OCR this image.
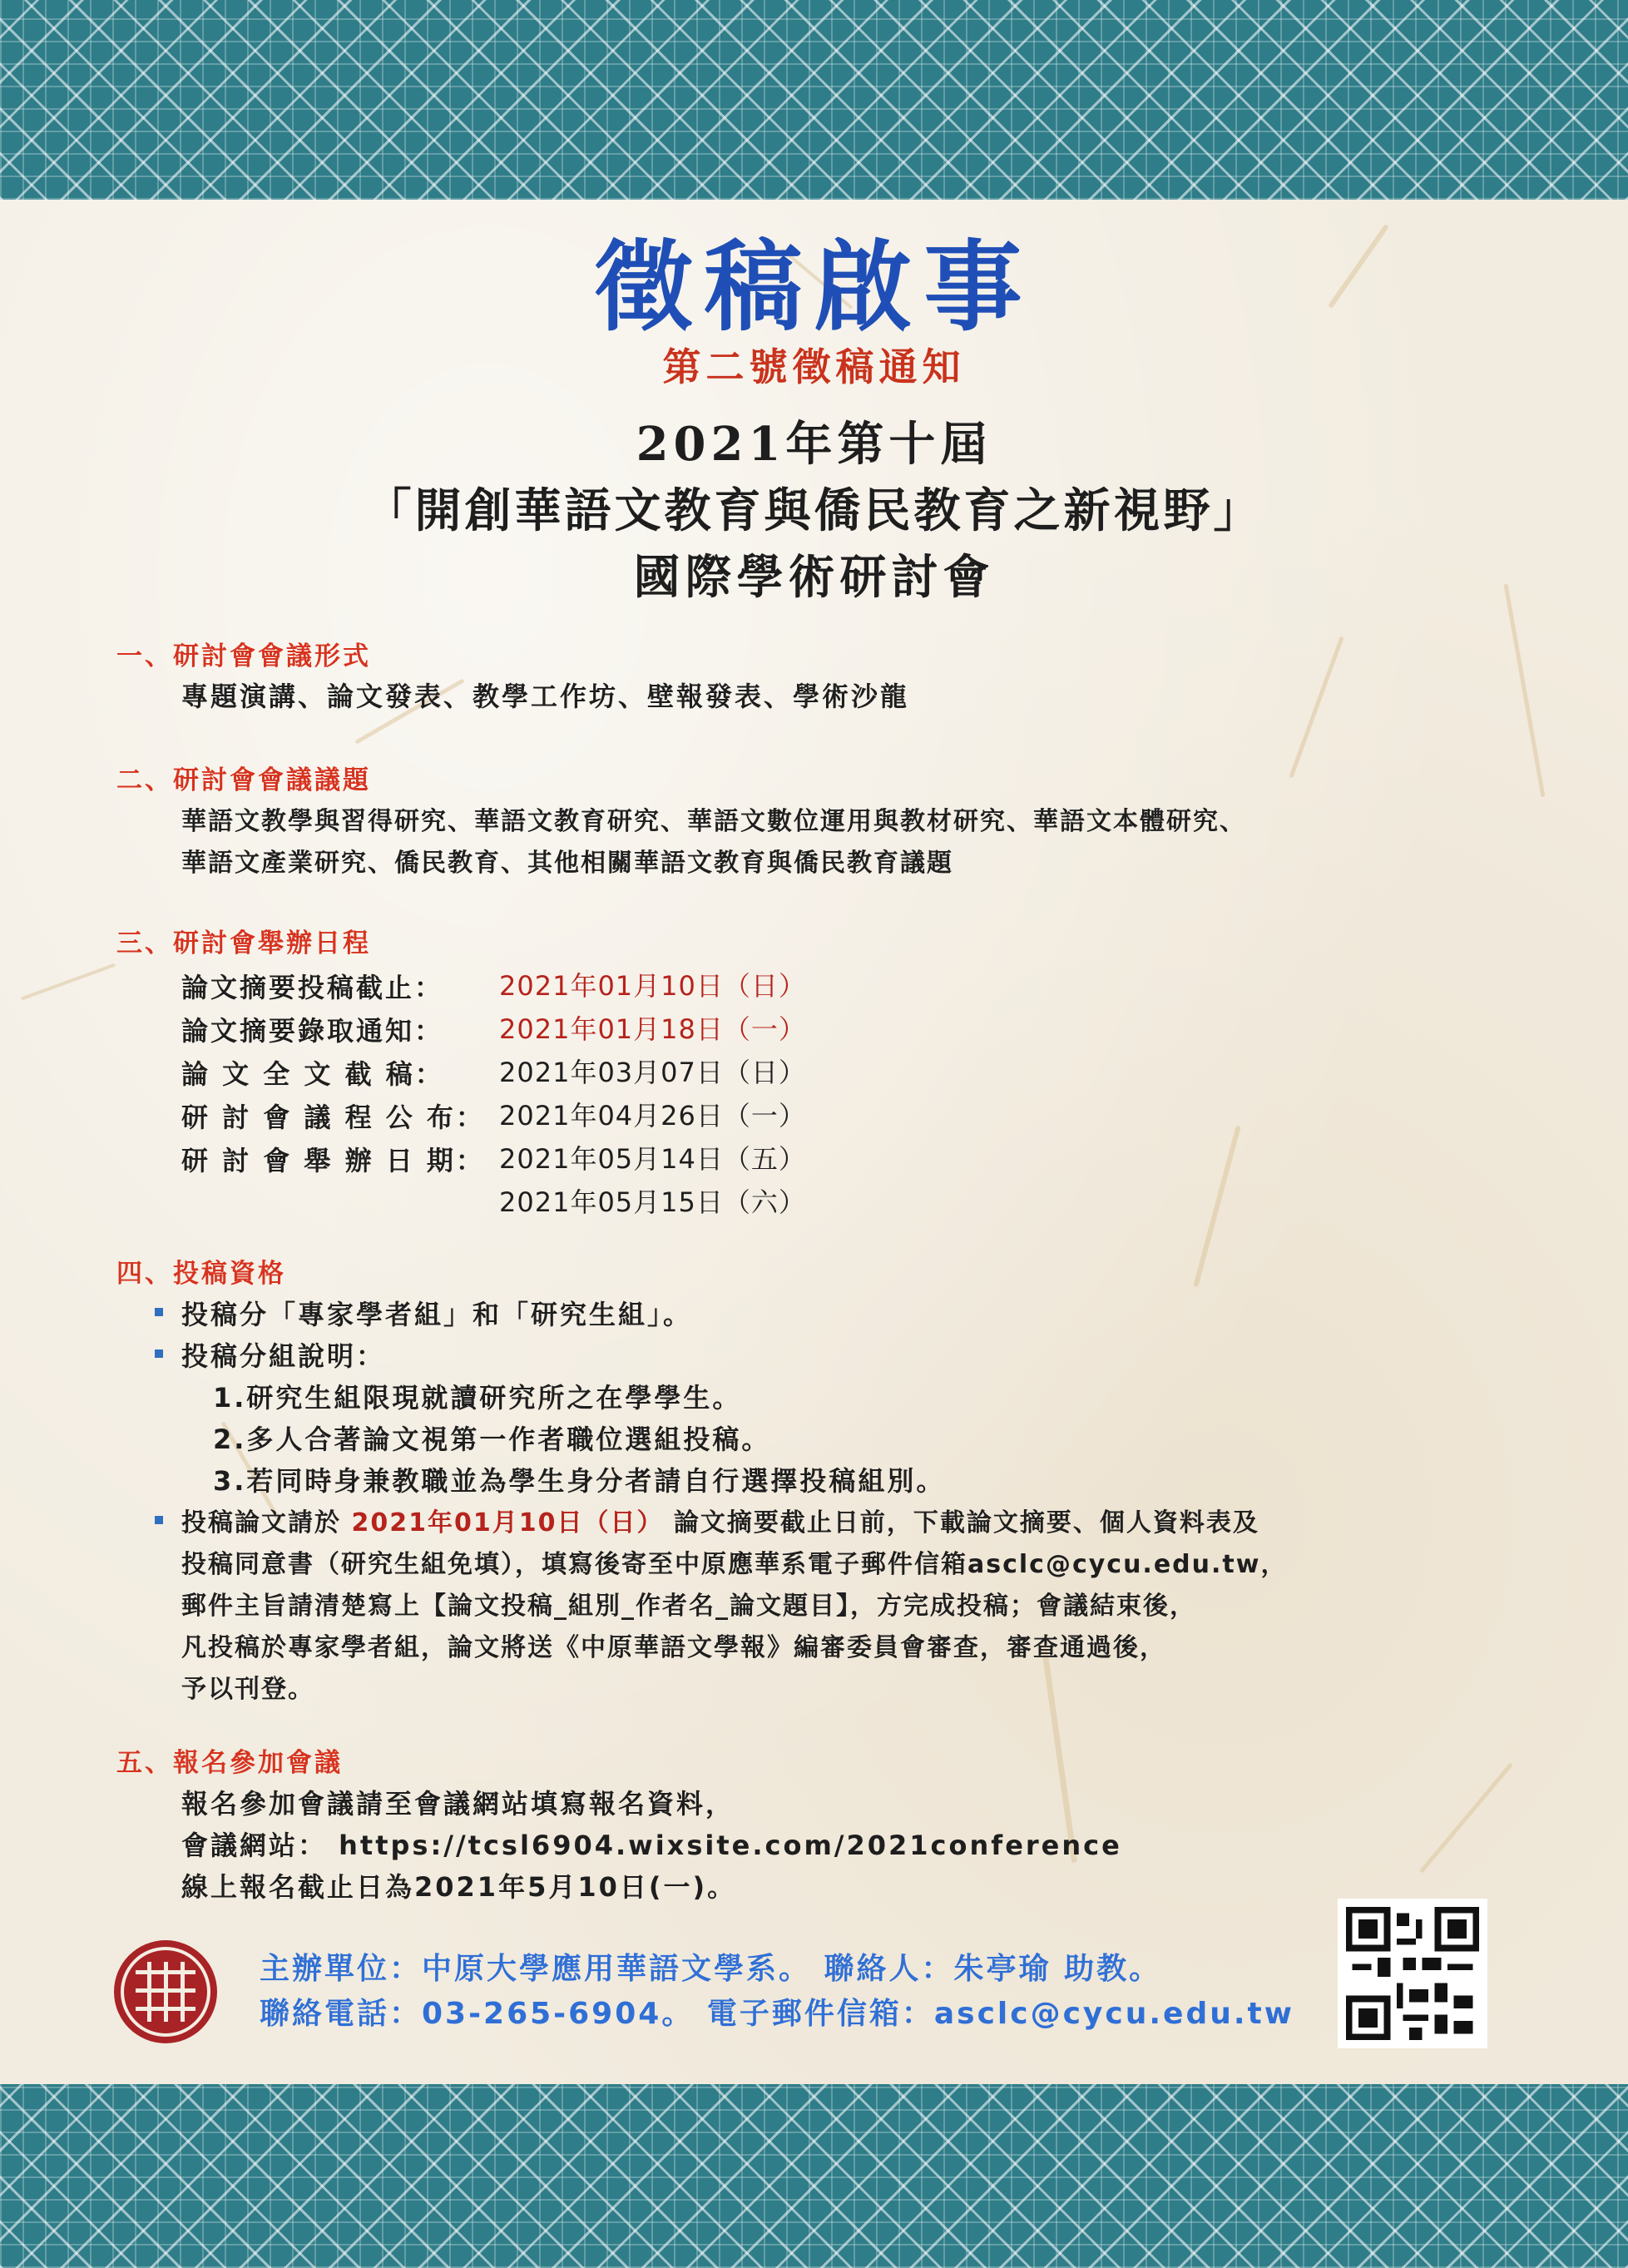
徵稿啟事
第二號徵稿通知
2021年第十屆
「開創華語文教育與僑民教育之新視野」
國際學術研討會
一、研討會會議形式
專題演講、論文發表、教學工作坊、壁報發表、學術沙龍
二、研討會會議議題
華語文教學與習得研究、華語文教育研究、華語文數位運用與教材研究、華語文本體研究、
華語文產業研究、僑民教育、其他相關華語文教育與僑民教育議題
三、研討會舉辦日程
論文摘要投稿截止： 2021年01月10日（日）
論文摘要錄取通知： 2021年01月18日（一）
論 文 全 文 截 稿： 2021年03月07日（日）
研 討 會 議 程 公 布： 2021年04月26日（一）
研 討 會 舉 辦 日 期： 2021年05月14日（五）
2021年05月15日（六）
四、投稿資格
投稿分「專家學者組」和「研究生組」。
投稿分組說明：
1.研究生組限現就讀研究所之在學學生。
2.多人合著論文視第一作者職位選組投稿。
3.若同時身兼教職並為學生身分者請自行選擇投稿組別。
投稿論文請於 2021年01月10日（日） 論文摘要截止日前，下載論文摘要、個人資料表及
投稿同意書（研究生組免填），填寫後寄至中原應華系電子郵件信箱asclc@cycu.edu.tw，
郵件主旨請清楚寫上【論文投稿_組別_作者名_論文題目】，方完成投稿；會議結束後，
凡投稿於專家學者組，論文將送《中原華語文學報》編審委員會審查，審查通過後，
予以刊登。
五、報名參加會議
報名參加會議請至會議網站填寫報名資料，
會議網站： https://tcsl6904.wixsite.com/2021conference
線上報名截止日為2021年5月10日(一)。
主辦單位：中原大學應用華語文學系。 聯絡人：朱亭瑜 助教。
聯絡電話：03-265-6904。 電子郵件信箱：asclc@cycu.edu.tw
